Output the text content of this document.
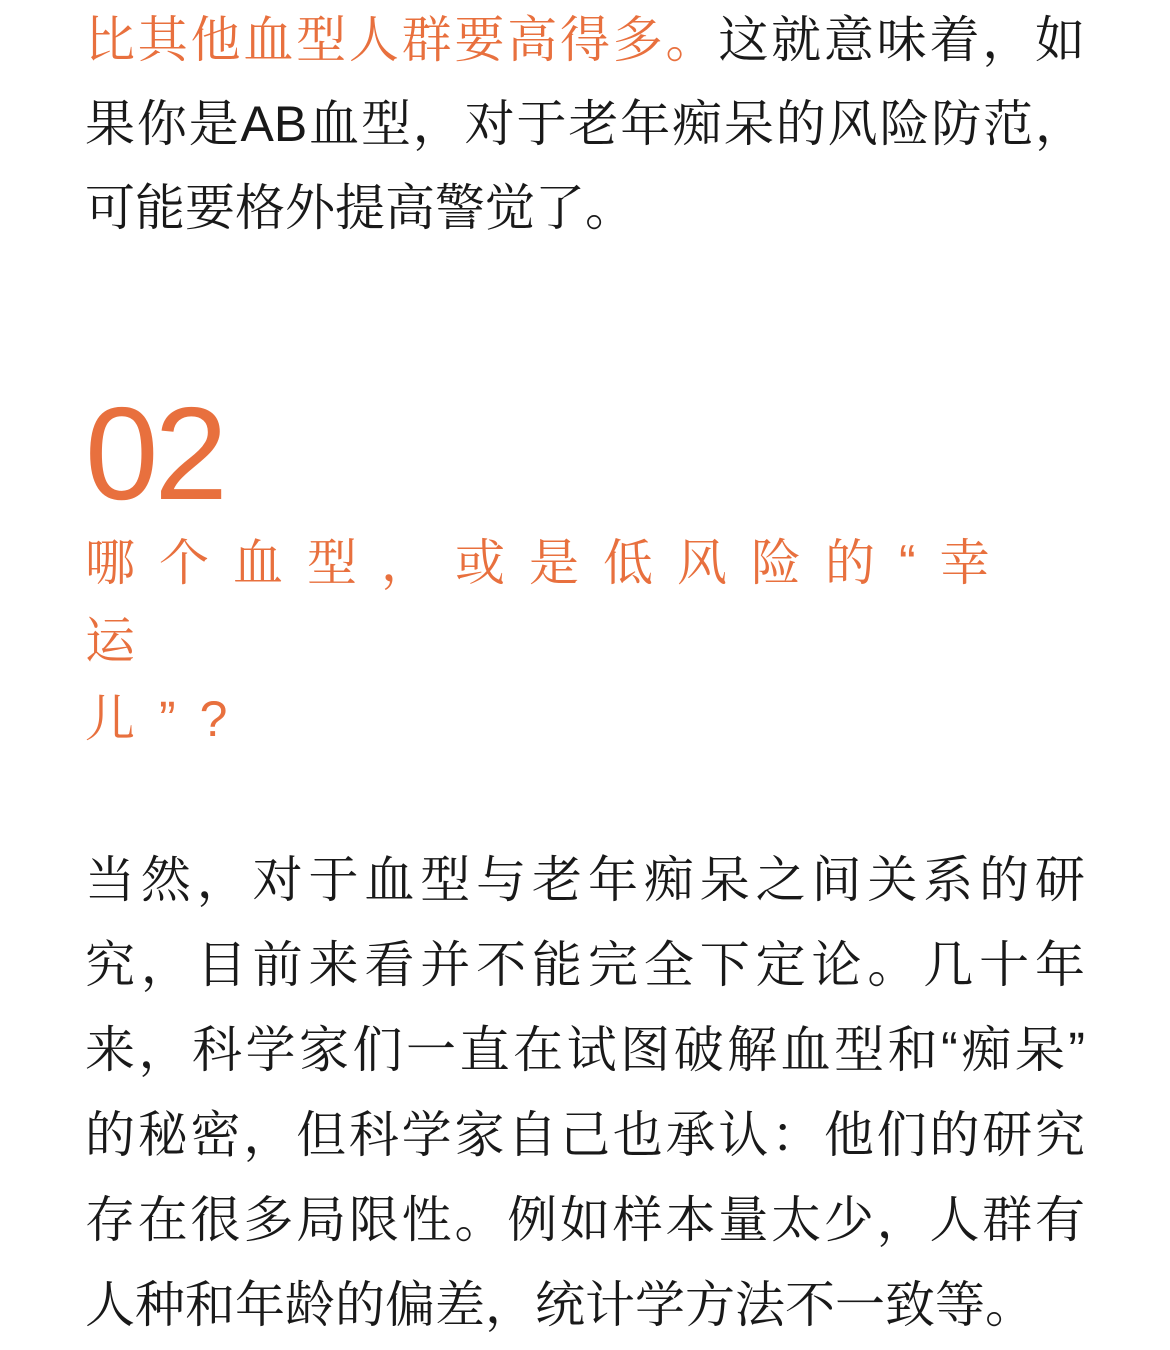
比其他血型人群要高得多。这就意味着，如
果你是AB血型，对于老年痴呆的风险防范，
可能要格外提高警觉了。
02
哪个血型，或是低风险的“幸运
儿”?
当然，对于血型与老年痴呆之间关系的研
究，目前来看并不能完全下定论。几十年
来，科学家们一直在试图破解血型和“痴呆”
的秘密，但科学家自己也承认：他们的研究
存在很多局限性。例如样本量太少，人群有
人种和年龄的偏差，统计学方法不一致等。
